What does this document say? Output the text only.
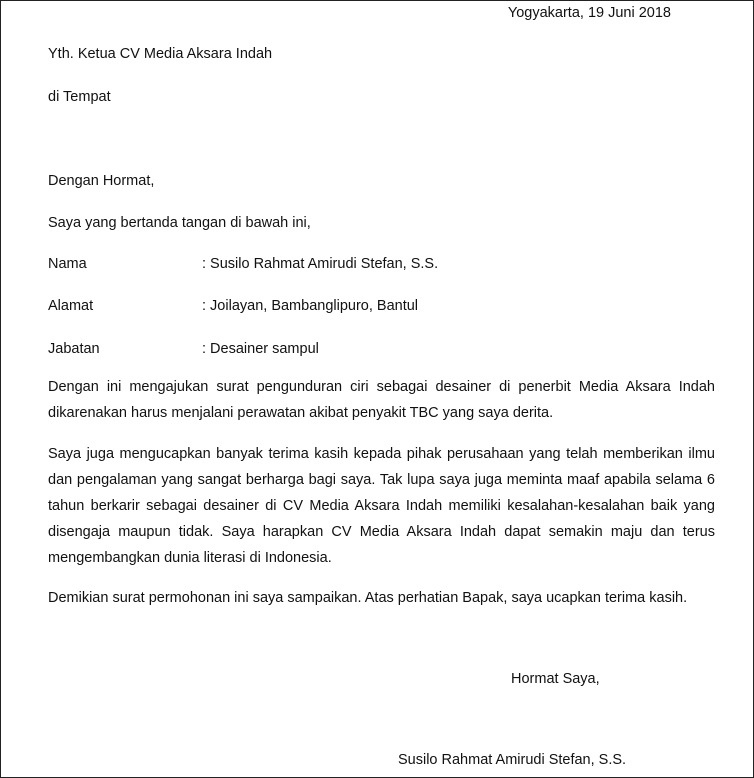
Yogyakarta, 19 Juni 2018
Yth. Ketua CV Media Aksara Indah
di Tempat
Dengan Hormat,
Saya yang bertanda tangan di bawah ini,
Nama	: Susilo Rahmat Amirudi Stefan, S.S.
Alamat	: Joilayan, Bambanglipuro, Bantul
Jabatan	: Desainer sampul
Dengan ini mengajukan surat pengunduran ciri sebagai desainer di penerbit Media Aksara Indah dikarenakan harus menjalani perawatan akibat penyakit TBC yang saya derita.
Saya juga mengucapkan banyak terima kasih kepada pihak perusahaan yang telah memberikan ilmu dan pengalaman yang sangat berharga bagi saya. Tak lupa saya juga meminta maaf apabila selama 6 tahun berkarir sebagai desainer di CV Media Aksara Indah memiliki kesalahan-kesalahan baik yang disengaja maupun tidak. Saya harapkan CV Media Aksara Indah dapat semakin maju dan terus mengembangkan dunia literasi di Indonesia.
Demikian surat permohonan ini saya sampaikan. Atas perhatian Bapak, saya ucapkan terima kasih.
Hormat Saya,
Susilo Rahmat Amirudi Stefan, S.S.
